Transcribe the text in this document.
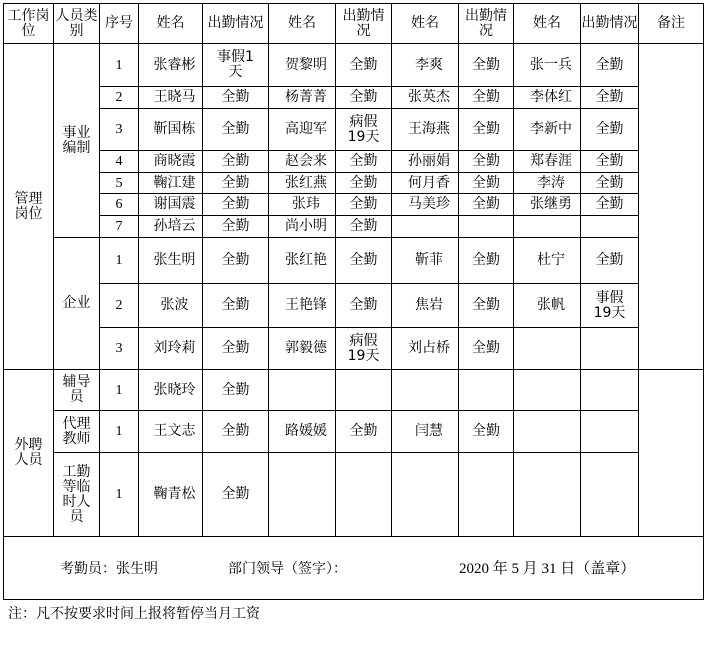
工作岗位	人员类别	序号	姓名	出勤情况	姓名	出勤情况	姓名	出勤情况	姓名	出勤情况	备注
管理岗位	事业编制	1	张睿彬	事假1天	贺黎明	全勤	李爽	全勤	张一兵	全勤	
		2	王晓马	全勤	杨菁菁	全勤	张英杰	全勤	李体红	全勤	
		3	靳国栋	全勤	高迎军	病假19天	王海燕	全勤	李新中	全勤	
		4	商晓霞	全勤	赵会来	全勤	孙丽娟	全勤	郑春涯	全勤	
		5	鞠江建	全勤	张红燕	全勤	何月香	全勤	李涛	全勤	
		6	谢国震	全勤	张玮	全勤	马美珍	全勤	张继勇	全勤	
		7	孙培云	全勤	尚小明	全勤					
	企业	1	张生明	全勤	张红艳	全勤	靳菲	全勤	杜宁	全勤	
		2	张波	全勤	王艳锋	全勤	焦岩	全勤	张帆	事假19天	
		3	刘玲莉	全勤	郭毅德	病假19天	刘占桥	全勤			
外聘人员	辅导员	1	张晓玲	全勤							
	代理教师	1	王文志	全勤	路媛媛	全勤	闫慧	全勤			
	工勤等临时人员	1	鞠青松	全勤							

考勤员：张生明 部门领导（签字）： 2020 年 5 月 31 日（盖章）											
注：凡不按要求时间上报将暂停当月工资
